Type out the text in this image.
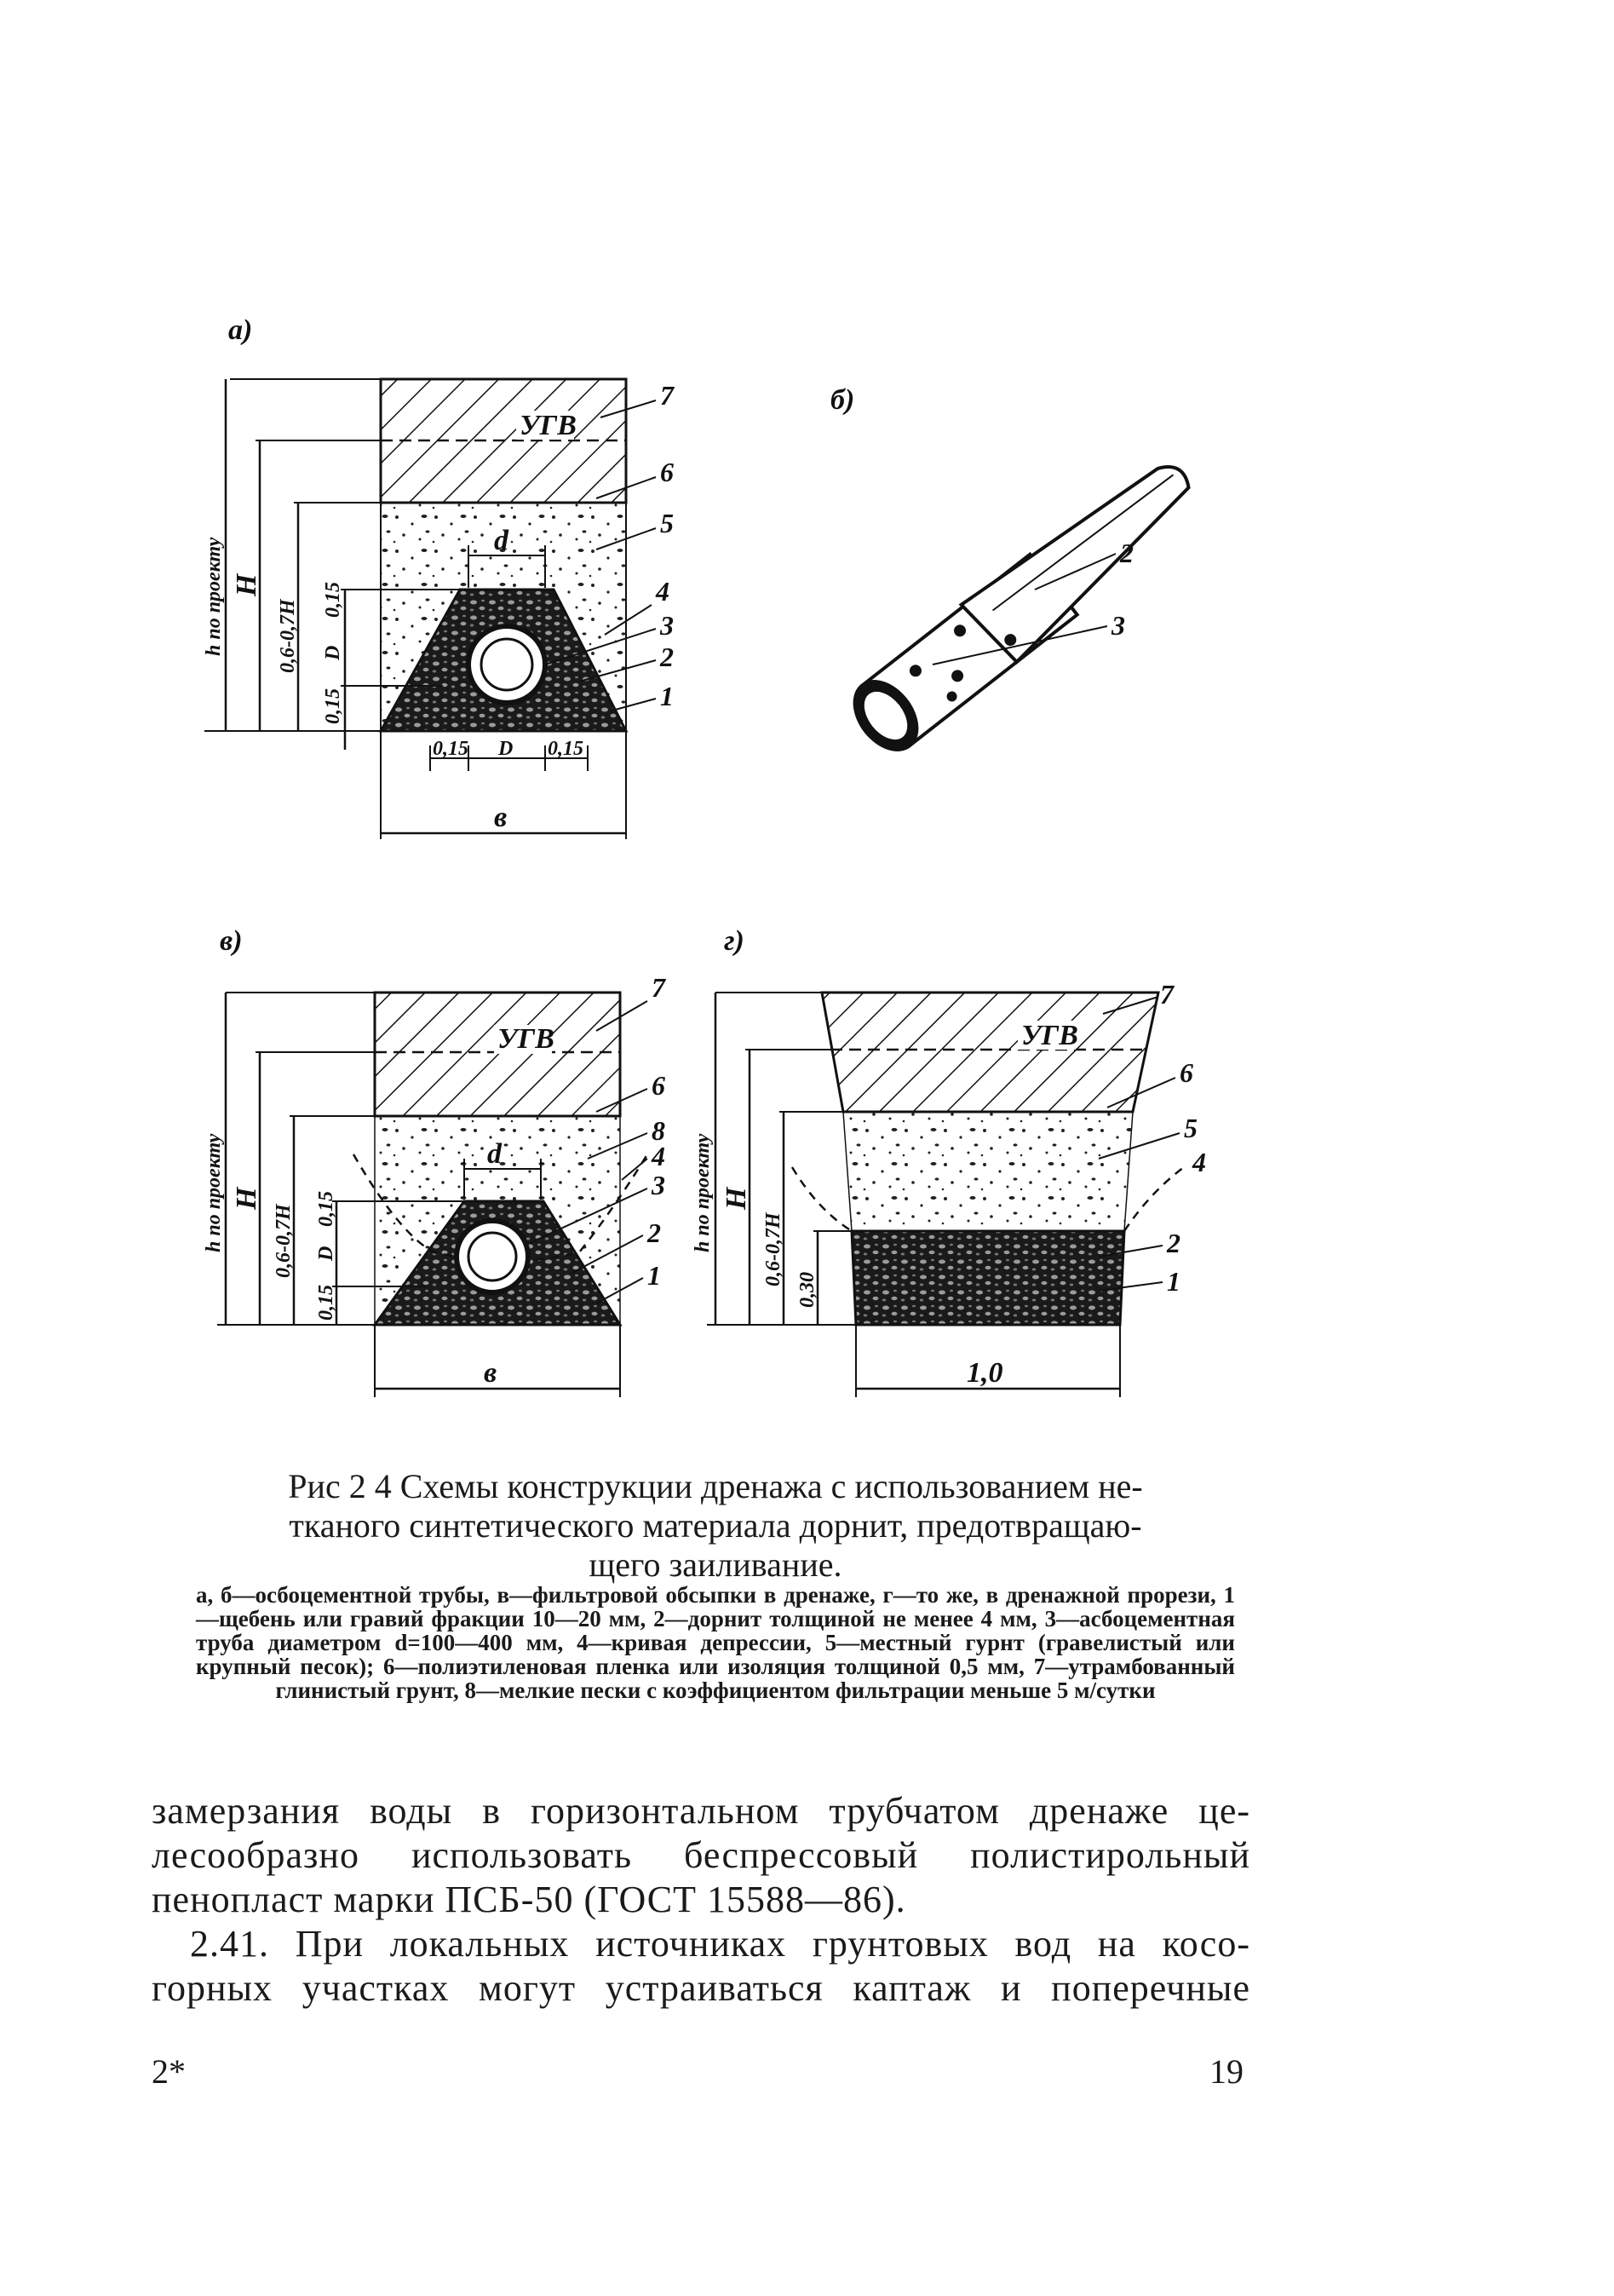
а)
УГВ
в
h по проекту H
0,6-0,7H 0,15
D
0,15
d
0,15 D 0,15
7
6
5
4
3
2
1
б)
2
3
в)
УГВ
в
h по проекту H
0,6-0,7H 0,15
D
0,15
d
7
6
8
4
3
2
1
г)
УГВ
1,0
h по проекту H
0,6-0,7H
0,30
7
6
5
4
2
1
Рис 2 4 Схемы конструкции дренажа с использованием не-
тканого синтетического материала дорнит, предотвращаю-
щего заиливание.
а, б—осбоцементной трубы, в—фильтровой обсыпки в дренаже, г—то же, в дренажной прорези, 1—щебень или гравий фракции 10—20 мм, 2—дорнит толщиной не менее 4 мм, 3—асбоцементная труба диаметром d=100—400 мм, 4—кривая депрессии, 5—местный гурнт (гравелистый или крупный песок); 6—полиэтиленовая пленка или изоляция толщиной 0,5 мм, 7—утрамбованный глинистый грунт, 8—мелкие пески с коэффициентом фильтрации меньше 5 м/сутки
замерзания воды в горизонтальном трубчатом дренаже це-
лесообразно использовать беспрессовый полистирольный
пенопласт марки ПСБ-50 (ГОСТ 15588—86).
2.41. При локальных источниках грунтовых вод на косо-
горных участках могут устраиваться каптаж и поперечные
2*	19
